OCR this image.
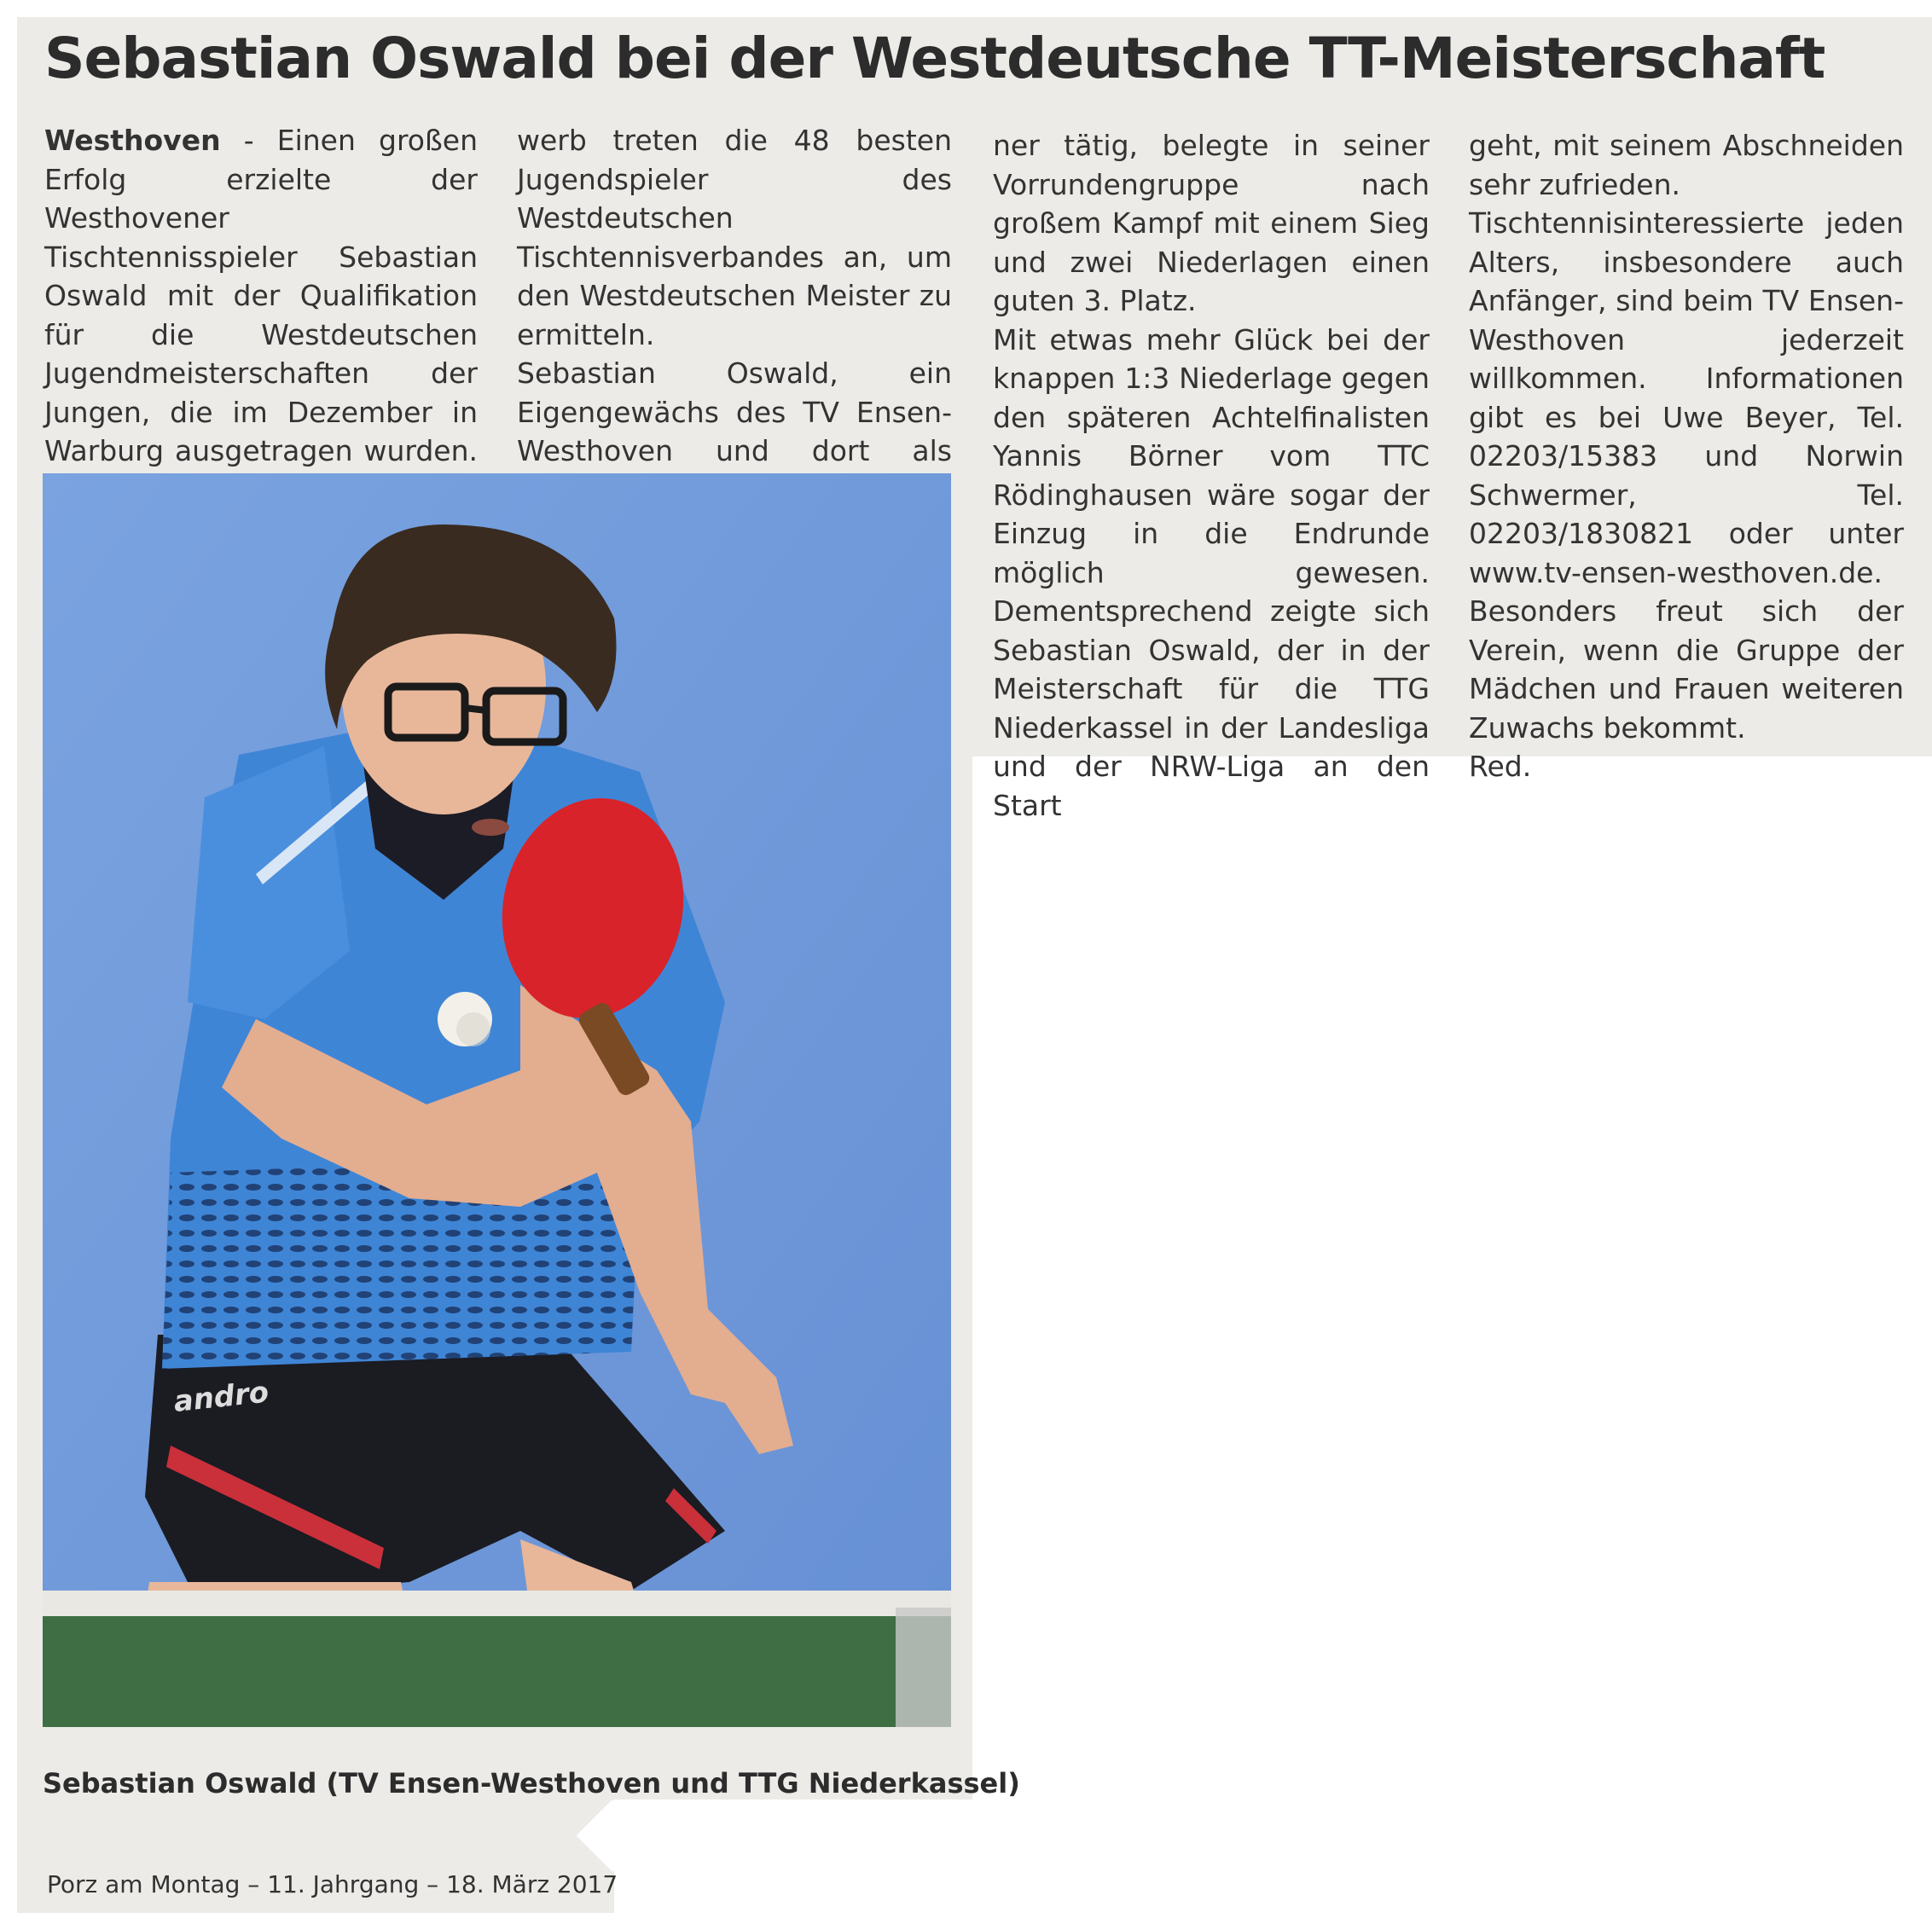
Sebastian Oswald bei der Westdeutsche TT-Meisterschaft

Westhoven - Einen großen Erfolg erzielte der Westhovener Tischtennisspieler Sebastian Oswald mit der Qualifikation für die Westdeutschen Jugendmeisterschaften der Jungen, die im Dezember in Warburg ausgetragen wurden.

werb treten die 48 besten Jugendspieler des Westdeutschen Tischtennisverbandes an, um den Westdeutschen Meister zu ermitteln.

Sebastian Oswald, ein Eigengewächs des TV Ensen-Westhoven und dort als

ner tätig, belegte in seiner Vorrundengruppe nach großem Kampf mit einem Sieg und zwei Niederlagen einen guten 3. Platz.

Mit etwas mehr Glück bei der knappen 1:3 Niederlage gegen den späteren Achtelfinalisten Yannis Börner vom TTC Rödinghausen wäre sogar der Einzug in die Endrunde möglich gewesen. Dementsprechend zeigte sich Sebastian Oswald, der in der Meisterschaft für die TTG Niederkassel in der Landesliga und der NRW-Liga an den Start

geht, mit seinem Abschneiden sehr zufrieden.

Tischtennisinteressierte jeden Alters, insbesondere auch Anfänger, sind beim TV Ensen-Westhoven jederzeit willkommen. Informationen gibt es bei Uwe Beyer, Tel. 02203/15383 und Norwin Schwermer, Tel. 02203/1830821 oder unter www.tv-ensen-westhoven.de.

Besonders freut sich der Verein, wenn die Gruppe der Mädchen und Frauen weiteren Zuwachs bekommt.

Red.

andro

Sebastian Oswald (TV Ensen-Westhoven und TTG Niederkassel)

Porz am Montag – 11. Jahrgang – 18. März 2017
